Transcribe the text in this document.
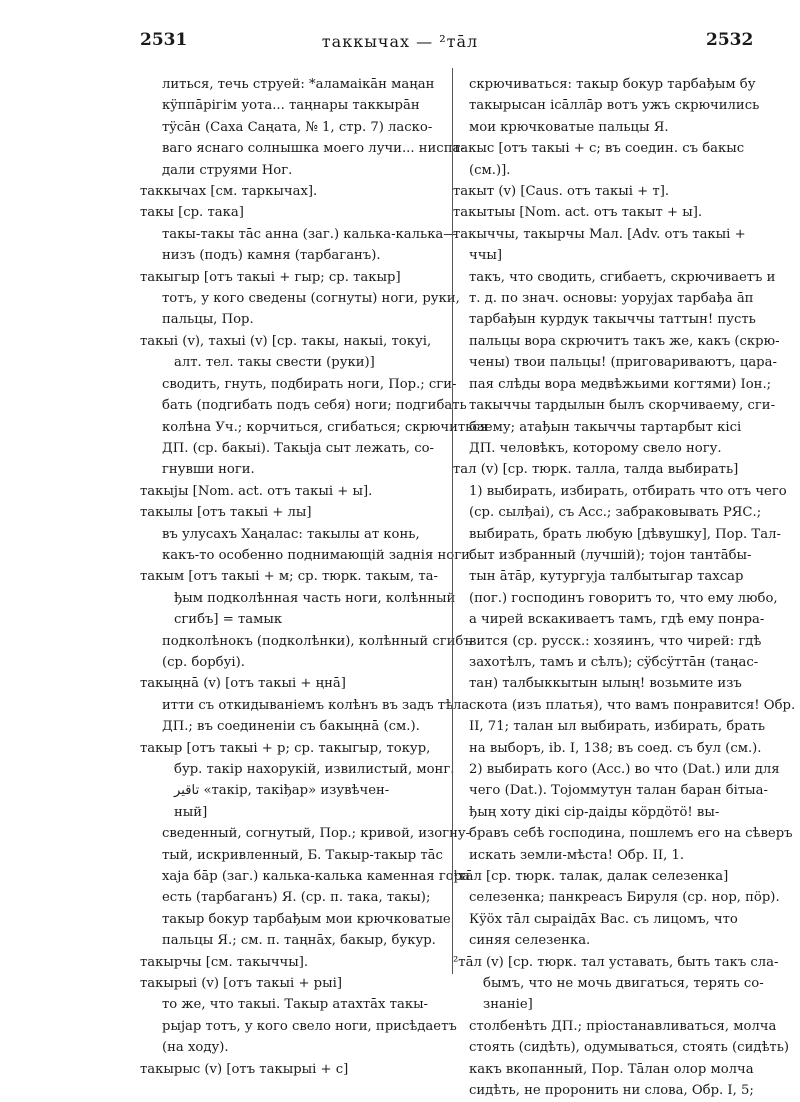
2531	таккычах — ²тāл	2532
литься, течь струей: *аламаiкāн маңан
кÿппāрiгiм уота... таңнары таккырāн
тÿсāн (Саха Саңата, № 1, стр. 7) ласко-
ваго яснаго солнышка моего лучи... ниспа-
дали струями Ног.
таккычах [см. таркычах].
такы [ср. така]
такы-такы тāс анна (заг.) калька-калька—
низъ (подъ) камня (тарбаганъ).
такыгыр [отъ такыi + гыр; ср. такыр]
тотъ, у кого сведены (согнуты) ноги, руки,
пальцы, Пор.
такыi (v), тахыi (v) [ср. такы, накыi, токуi,
алт. тел. такы свести (руки)]
сводить, гнуть, подбирать ноги, Пор.; сги-
бать (подгибать подъ себя) ноги; подгибать
колѣна Уч.; корчиться, сгибаться; скрючиться
ДП. (ср. бакыi). Такыjа сыт лежать, со-
гнувши ноги.
такыjы [Nom. act. отъ такыi + ы].
такылы [отъ такыi + лы]
въ улусахъ Хаңалас: такылы ат конь,
какъ-то особенно поднимающiй заднiя ноги.
такым [отъ такыi + м; ср. тюрк. такым, та-
ђым подколѣнная часть ноги, колѣнный
сгибъ] = тамык
подколѣнокъ (подколѣнки), колѣнный сгибъ
(ср. борбуi).
такыңнā (v) [отъ такыi + ңнā]
итти съ откидыванiемъ колѣнъ въ задъ тѣла
ДП.; въ соединенiи съ бакыңнā (см.).
такыр [отъ такыi + р; ср. такыгыр, токур,
бур. такiр нахорукiй, извилистый, монг.
ﺗﺎﻗﯿﺮ «такiр, такiђар» изувѣчен-
ный]
сведенный, согнутый, Пор.; кривой, изогну-
тый, искривленный, Б. Такыр-такыр тāс
хаjа бāр (заг.) калька-калька каменная гора
есть (тарбаганъ) Я. (ср. п. така, такы);
такыр бокур тарбађым мои крючковатые
пальцы Я.; см. п. таңнāх, бакыр, букур.
такырчы [см. такыччы].
такырыi (v) [отъ такыi + рыi]
то же, что такыi. Такыр атахтāх такы-
рыjар тотъ, у кого свело ноги, присѣдаетъ
(на ходу).
такырыс (v) [отъ такырыi + с]
скрючиваться: такыр бокур тарбађым бу
такырысан iсāллāр вотъ ужъ скрючились
мои крючковатые пальцы Я.
такыс [отъ такыi + с; въ соедин. съ бакыс
(см.)].
такыт (v) [Caus. отъ такыi + т].
такытыы [Nom. act. отъ такыт + ы].
такыччы, такырчы Мал. [Adv. отъ такыi +
ччы]
такъ, что сводить, сгибаетъ, скрючиваетъ и
т. д. по знач. основы: уоруjах тарбађа āп
тарбађын курдук такыччы таттын! пусть
пальцы вора скрючитъ такъ же, какъ (скрю-
чены) твои пальцы! (приговариваютъ, цара-
пая слѣды вора медвѣжьими когтями) Iон.;
такыччы тардылын былъ скорчиваему, сги-
баему; атађын такыччы тартарбыт кiсi
ДП. человѣкъ, которому свело ногу.
тал (v) [ср. тюрк. талла, талда выбирать]
1) выбирать, избирать, отбирать что отъ чего
(ср. сылђаi), съ Acc.; забраковывать РЯС.;
выбирать, брать любую [дѣвушку], Пор. Тал-
быт избранный (лучшiй); тоjон тантāбы-
тын āтāр, кутургуjа талбытыгар тахсар
(пог.) господинъ говоритъ то, что ему любо,
а чирей вскакиваетъ тамъ, гдѣ ему понра-
вится (ср. русск.: хозяинъ, что чирей: гдѣ
захотѣлъ, тамъ и сѣлъ); сÿбсÿттāн (таңас-
тан) талбыккытын ылың! возьмите изъ
скота (изъ платья), что вамъ понравится! Обр.
II, 71; талан ыл выбирать, избирать, брать
на выборъ, ib. I, 138; въ соед. съ бул (см.).
2) выбирать кого (Acc.) во что (Dat.) или для
чего (Dat.). Тоjоммутун талан баран бiтыа-
ђың хоту дiкi сiр-даiды кöрдöтö! вы-
бравъ себѣ господина, пошлемъ его на сѣверъ
искать земли-мѣста! Обр. II, 1.
¹тāл [ср. тюрк. талак, далак селезенка]
селезенка; панкреасъ Бируля (ср. нор, пöр).
Кÿöх тāл сыраiдāх Вас. съ лицомъ, что
синяя селезенка.
²тāл (v) [ср. тюрк. тал уставать, быть такъ сла-
бымъ, что не мочь двигаться, терять со-
знанiе]
столбенѣть ДП.; прiостанавливаться, молча
стоять (сидѣть), одумываться, стоять (сидѣть)
какъ вкопанный, Пор. Тāлан олор молча
сидѣть, не проронить ни слова, Обр. I, 5;
